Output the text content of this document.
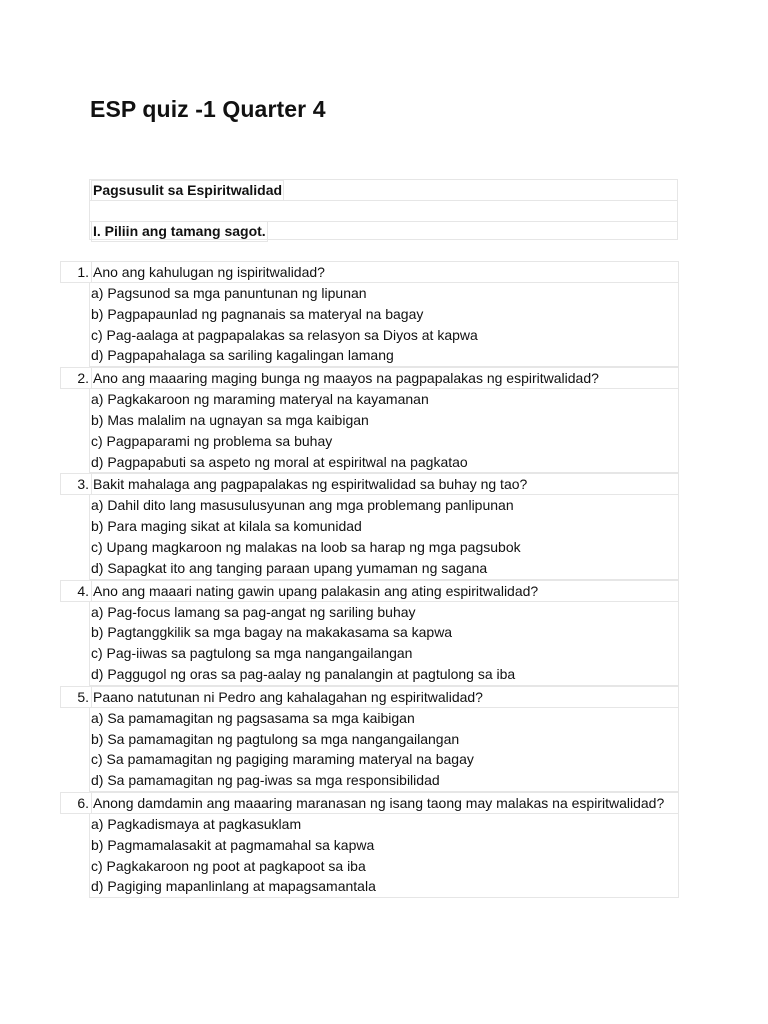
ESP quiz -1 Quarter 4
Pagsusulit sa Espiritwalidad
I. Piliin ang tamang sagot.
1. Ano ang kahulugan ng ispiritwalidad?
a) Pagsunod sa mga panuntunan ng lipunan
b) Pagpapaunlad ng pagnanais sa materyal na bagay
c) Pag-aalaga at pagpapalakas sa relasyon sa Diyos at kapwa
d) Pagpapahalaga sa sariling kagalingan lamang
2. Ano ang maaaring maging bunga ng maayos na pagpapalakas ng espiritwalidad?
a) Pagkakaroon ng maraming materyal na kayamanan
b) Mas malalim na ugnayan sa mga kaibigan
c) Pagpaparami ng problema sa buhay
d) Pagpapabuti sa aspeto ng moral at espiritwal na pagkatao
3. Bakit mahalaga ang pagpapalakas ng espiritwalidad sa buhay ng tao?
a) Dahil dito lang masusulusyunan ang mga problemang panlipunan
b) Para maging sikat at kilala sa komunidad
c) Upang magkaroon ng malakas na loob sa harap ng mga pagsubok
d) Sapagkat ito ang tanging paraan upang yumaman ng sagana
4. Ano ang maaari nating gawin upang palakasin ang ating espiritwalidad?
a) Pag-focus lamang sa pag-angat ng sariling buhay
b) Pagtanggkilik sa mga bagay na makakasama sa kapwa
c) Pag-iiwas sa pagtulong sa mga nangangailangan
d) Paggugol ng oras sa pag-aalay ng panalangin at pagtulong sa iba
5. Paano natutunan ni Pedro ang kahalagahan ng espiritwalidad?
a) Sa pamamagitan ng pagsasama sa mga kaibigan
b) Sa pamamagitan ng pagtulong sa mga nangangailangan
c) Sa pamamagitan ng pagiging maraming materyal na bagay
d) Sa pamamagitan ng pag-iwas sa mga responsibilidad
6. Anong damdamin ang maaaring maranasan ng isang taong may malakas na espiritwalidad?
a) Pagkadismaya at pagkasuklam
b) Pagmamalasakit at pagmamahal sa kapwa
c) Pagkakaroon ng poot at pagkapoot sa iba
d) Pagiging mapanlinlang at mapagsamantala
